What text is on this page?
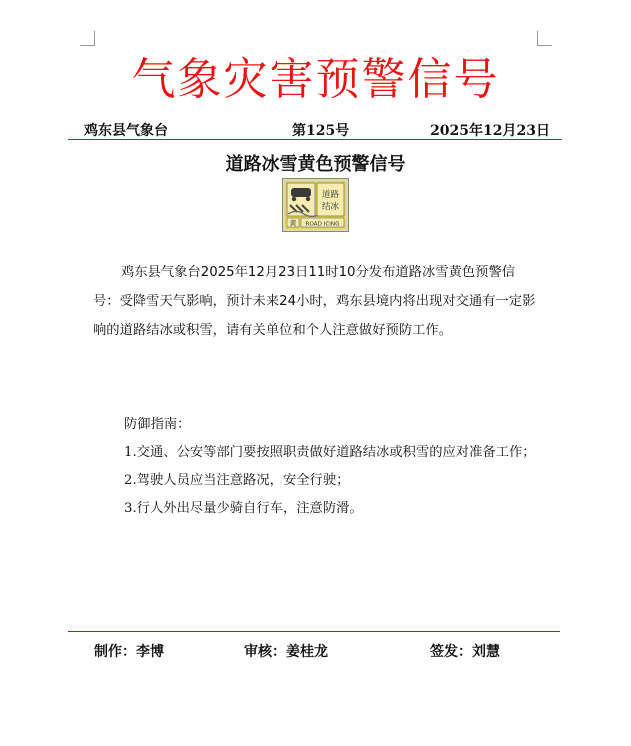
气象灾害预警信号
鸡东县气象台	第125号	2025年12月23日
道路冰雪黄色预警信号
道路
结冰
黄 ROAD ICING

鸡东县气象台2025年12月23日11时10分发布道路冰雪黄色预警信号：受降雪天气影响，预计未来24小时，鸡东县境内将出现对交通有一定影响的道路结冰或积雪，请有关单位和个人注意做好预防工作。

防御指南：
1.交通、公安等部门要按照职责做好道路结冰或积雪的应对准备工作；
2.驾驶人员应当注意路况，安全行驶；
3.行人外出尽量少骑自行车，注意防滑。
制作：李博	审核：姜桂龙	签发：刘慧
